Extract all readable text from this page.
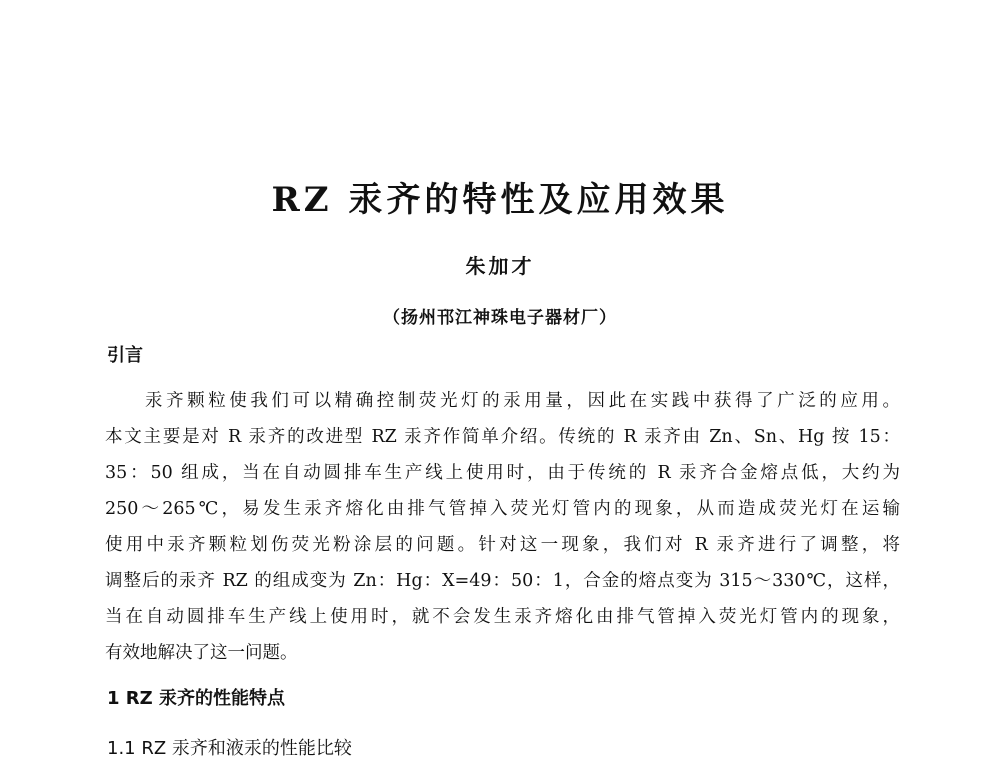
RZ 汞齐的特性及应用效果
朱加才
（扬州邗江神珠电子器材厂）
引言
汞齐颗粒使我们可以精确控制荧光灯的汞用量，因此在实践中获得了广泛的应用。
本文主要是对 R 汞齐的改进型 RZ 汞齐作简单介绍。传统的 R 汞齐由 Zn、Sn、Hg 按 15：
35：50 组成，当在自动圆排车生产线上使用时，由于传统的 R 汞齐合金熔点低，大约为
250～265℃，易发生汞齐熔化由排气管掉入荧光灯管内的现象，从而造成荧光灯在运输
使用中汞齐颗粒划伤荧光粉涂层的问题。针对这一现象，我们对 R 汞齐进行了调整，将
调整后的汞齐 RZ 的组成变为 Zn：Hg：X=49：50：1，合金的熔点变为 315～330℃，这样，
当在自动圆排车生产线上使用时，就不会发生汞齐熔化由排气管掉入荧光灯管内的现象，
有效地解决了这一问题。
1 RZ 汞齐的性能特点
1.1 RZ 汞齐和液汞的性能比较
